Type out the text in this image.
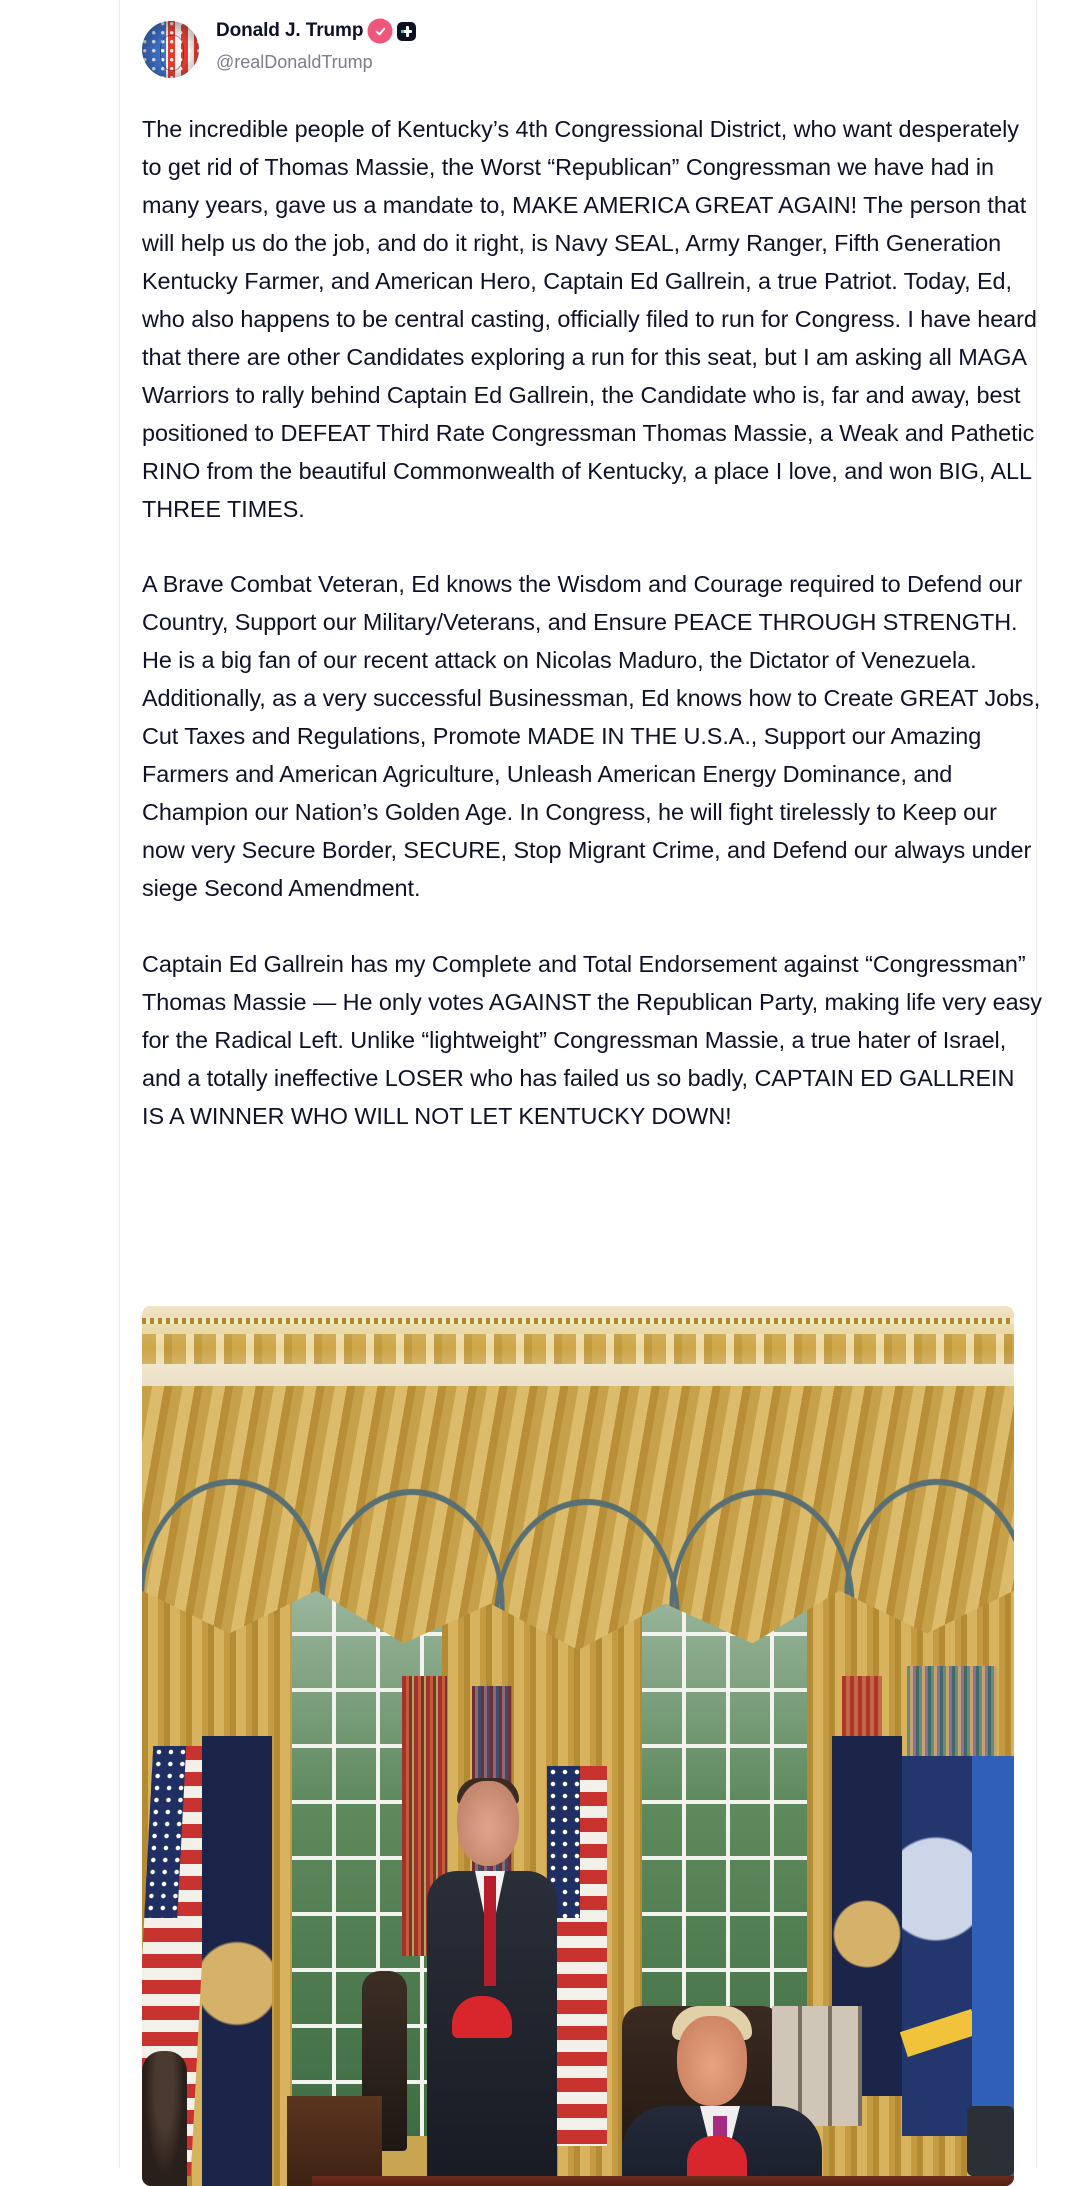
Donald J. Trump
@realDonaldTrump

The incredible people of Kentucky’s 4th Congressional District, who want desperately to get rid of Thomas Massie, the Worst “Republican” Congressman we have had in many years, gave us a mandate to, MAKE AMERICA GREAT AGAIN! The person that will help us do the job, and do it right, is Navy SEAL, Army Ranger, Fifth Generation Kentucky Farmer, and American Hero, Captain Ed Gallrein, a true Patriot. Today, Ed, who also happens to be central casting, officially filed to run for Congress. I have heard that there are other Candidates exploring a run for this seat, but I am asking all MAGA Warriors to rally behind Captain Ed Gallrein, the Candidate who is, far and away, best positioned to DEFEAT Third Rate Congressman Thomas Massie, a Weak and Pathetic RINO from the beautiful Commonwealth of Kentucky, a place I love, and won BIG, ALL THREE TIMES.

A Brave Combat Veteran, Ed knows the Wisdom and Courage required to Defend our Country, Support our Military/Veterans, and Ensure PEACE THROUGH STRENGTH. He is a big fan of our recent attack on Nicolas Maduro, the Dictator of Venezuela. Additionally, as a very successful Businessman, Ed knows how to Create GREAT Jobs, Cut Taxes and Regulations, Promote MADE IN THE U.S.A., Support our Amazing Farmers and American Agriculture, Unleash American Energy Dominance, and Champion our Nation’s Golden Age. In Congress, he will fight tirelessly to Keep our now very Secure Border, SECURE, Stop Migrant Crime, and Defend our always under siege Second Amendment.

Captain Ed Gallrein has my Complete and Total Endorsement against “Congressman” Thomas Massie — He only votes AGAINST the Republican Party, making life very easy for the Radical Left. Unlike “lightweight” Congressman Massie, a true hater of Israel, and a totally ineffective LOSER who has failed us so badly, CAPTAIN ED GALLREIN IS A WINNER WHO WILL NOT LET KENTUCKY DOWN!
